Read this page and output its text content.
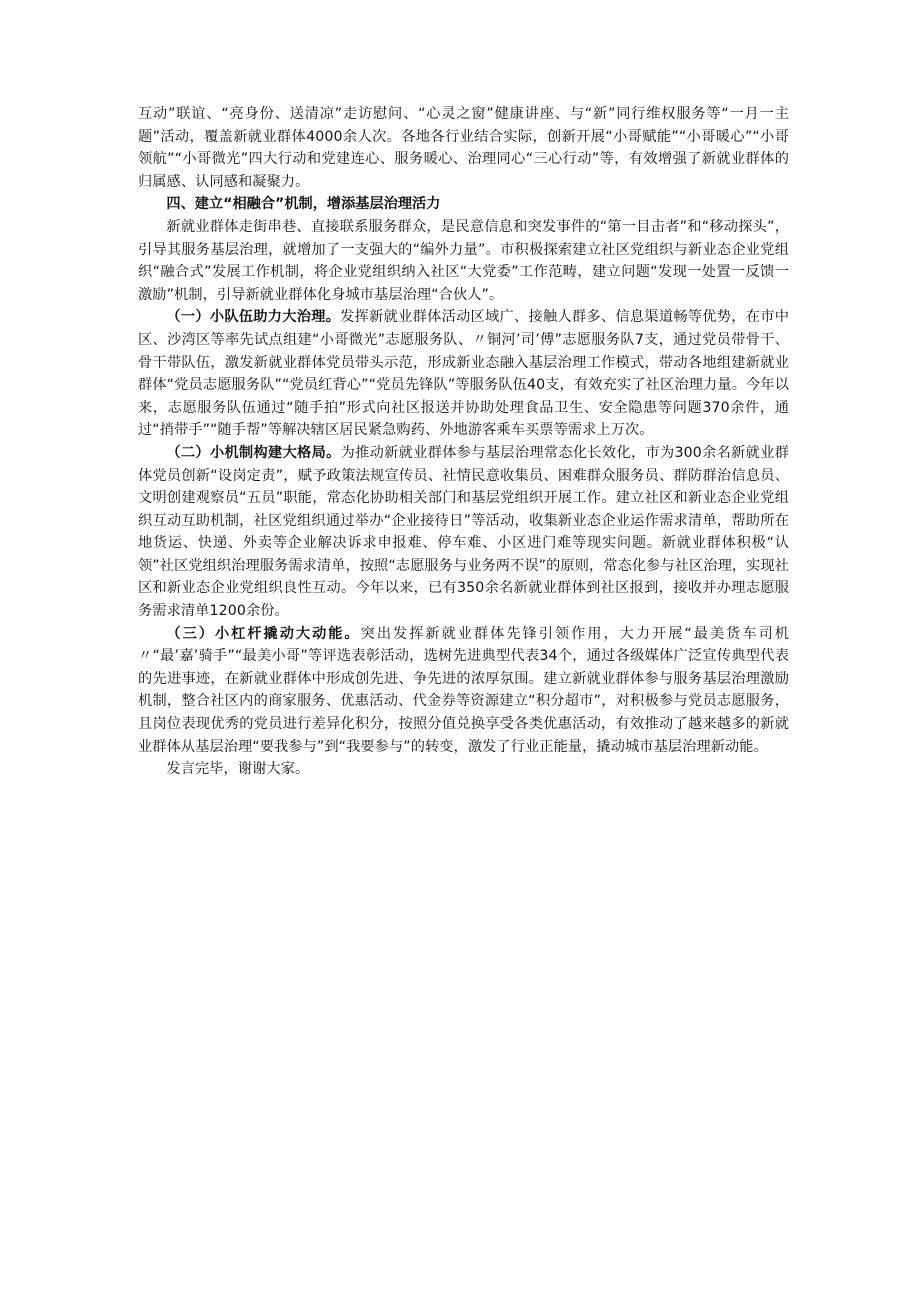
互动”联谊、“亮身份、送清凉”走访慰问、“心灵之窗”健康讲座、与“新”同行维权服务等“一月一主题”活动，覆盖新就业群体4000余人次。各地各行业结合实际，创新开展“小哥赋能”“小哥暖心”“小哥领航”“小哥微光”四大行动和党建连心、服务暖心、治理同心“三心行动”等，有效增强了新就业群体的归属感、认同感和凝聚力。

四、建立“相融合”机制，增添基层治理活力

新就业群体走街串巷、直接联系服务群众，是民意信息和突发事件的“第一目击者”和“移动探头”，引导其服务基层治理，就增加了一支强大的“编外力量”。市积极探索建立社区党组织与新业态企业党组织“融合式”发展工作机制，将企业党组织纳入社区“大党委”工作范畴，建立问题“发现一处置一反馈一激励”机制，引导新就业群体化身城市基层治理“合伙人”。

（一）小队伍助力大治理。发挥新就业群体活动区域广、接触人群多、信息渠道畅等优势，在市中区、沙湾区等率先试点组建“小哥微光”志愿服务队、〃铜河’司’傅”志愿服务队7支，通过党员带骨干、骨干带队伍，激发新就业群体党员带头示范，形成新业态融入基层治理工作模式，带动各地组建新就业群体“党员志愿服务队”“党员红背心”“党员先锋队”等服务队伍40支，有效充实了社区治理力量。今年以来，志愿服务队伍通过“随手拍”形式向社区报送并协助处理食品卫生、安全隐患等问题370余件，通过“捎带手”“随手帮”等解决辖区居民紧急购药、外地游客乘车买票等需求上万次。

（二）小机制构建大格局。为推动新就业群体参与基层治理常态化长效化，市为300余名新就业群体党员创新“设岗定责”，赋予政策法规宣传员、社情民意收集员、困难群众服务员、群防群治信息员、文明创建观察员“五员”职能，常态化协助相关部门和基层党组织开展工作。建立社区和新业态企业党组织互动互助机制，社区党组织通过举办“企业接待日”等活动，收集新业态企业运作需求清单，帮助所在地货运、快递、外卖等企业解决诉求申报难、停车难、小区进门难等现实问题。新就业群体积极“认领”社区党组织治理服务需求清单，按照“志愿服务与业务两不误”的原则，常态化参与社区治理，实现社区和新业态企业党组织良性互动。今年以来，已有350余名新就业群体到社区报到，接收并办理志愿服务需求清单1200余份。

（三）小杠杆撬动大动能。突出发挥新就业群体先锋引领作用，大力开展“最美货车司机〃“最’嘉’骑手”“最美小哥”等评选表彰活动，选树先进典型代表34个，通过各级媒体广泛宣传典型代表的先进事迹，在新就业群体中形成创先进、争先进的浓厚氛围。建立新就业群体参与服务基层治理激励机制，整合社区内的商家服务、优惠活动、代金券等资源建立“积分超市”，对积极参与党员志愿服务，且岗位表现优秀的党员进行差异化积分，按照分值兑换享受各类优惠活动，有效推动了越来越多的新就业群体从基层治理“要我参与”到“我要参与”的转变，激发了行业正能量，撬动城市基层治理新动能。

发言完毕，谢谢大家。
